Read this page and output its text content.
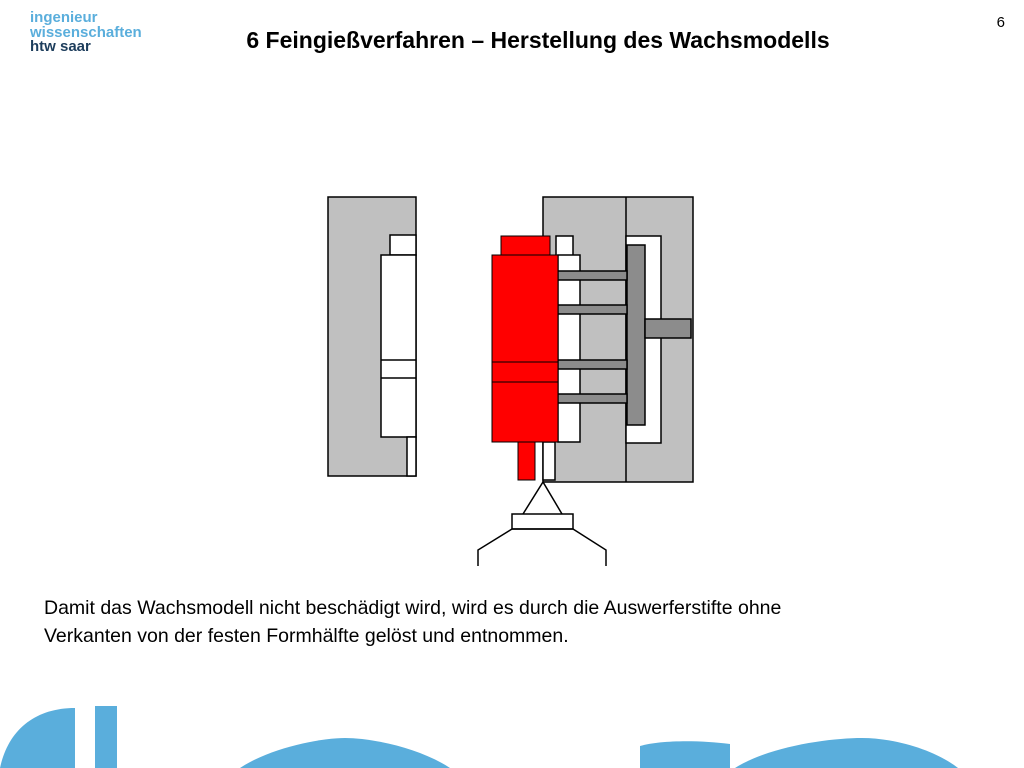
ingenieur
wissenschaften
htw saar	6 Feingießverfahren – Herstellung des Wachsmodells
6

Damit das Wachsmodell nicht beschädigt wird, wird es durch die Auswerferstifte ohne
Verkanten von der festen Formhälfte gelöst und entnommen.
